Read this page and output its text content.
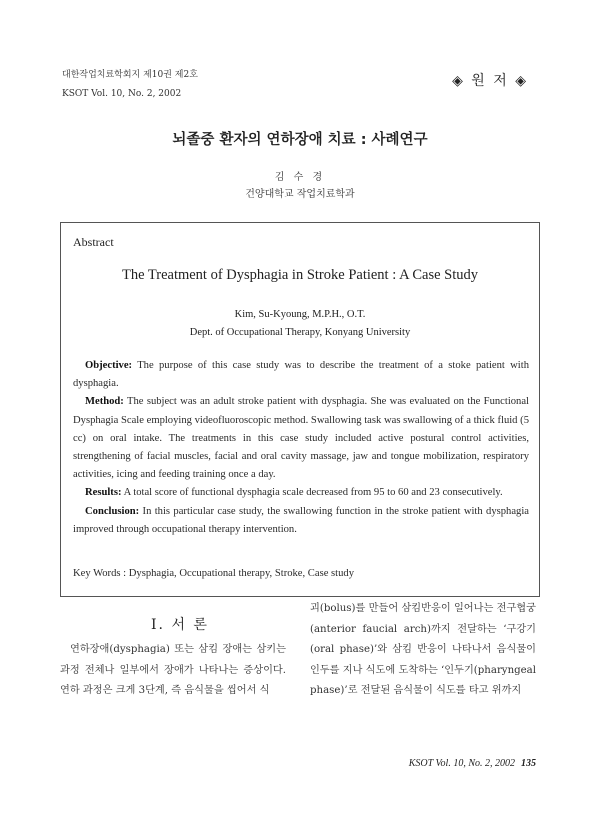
대한작업치료학회지 제10권 제2호
KSOT Vol. 10, No. 2, 2002
◈ 원 저 ◈
뇌졸중 환자의 연하장애 치료 : 사례연구
김 수 경
건양대학교 작업치료학과
Abstract
The Treatment of Dysphagia in Stroke Patient : A Case Study
Kim, Su-Kyoung, M.P.H., O.T.
Dept. of Occupational Therapy, Konyang University

Objective: The purpose of this case study was to describe the treatment of a stoke patient with dysphagia.

Method: The subject was an adult stroke patient with dysphagia. She was evaluated on the Functional Dysphagia Scale employing videofluoroscopic method. Swallowing task was swallowing of a thick fluid (5 cc) on oral intake. The treatments in this case study included active postural control activities, strengthening of facial muscles, facial and oral cavity massage, jaw and tongue mobilization, respiratory activities, icing and feeding training once a day.

Results: A total score of functional dysphagia scale decreased from 95 to 60 and 23 consecutively.

Conclusion: In this particular case study, the swallowing function in the stroke patient with dysphagia improved through occupational therapy intervention.

Key Words : Dysphagia, Occupational therapy, Stroke, Case study
Ⅰ. 서 론

연하장애(dysphagia) 또는 삼킴 장애는 삼키는 과정 전체나 일부에서 장애가 나타나는 증상이다. 연하 과정은 크게 3단계, 즉 음식물을 씹어서 식

괴(bolus)를 만들어 삼킴반응이 일어나는 전구협궁(anterior faucial arch)까지 전달하는 ‘구강기(oral phase)’와 삼킴 반응이 나타나서 음식물이 인두를 지나 식도에 도착하는 ‘인두기(pharyngeal phase)’로 전달된 음식물이 식도를 타고 위까지

KSOT Vol. 10, No. 2, 2002 135
